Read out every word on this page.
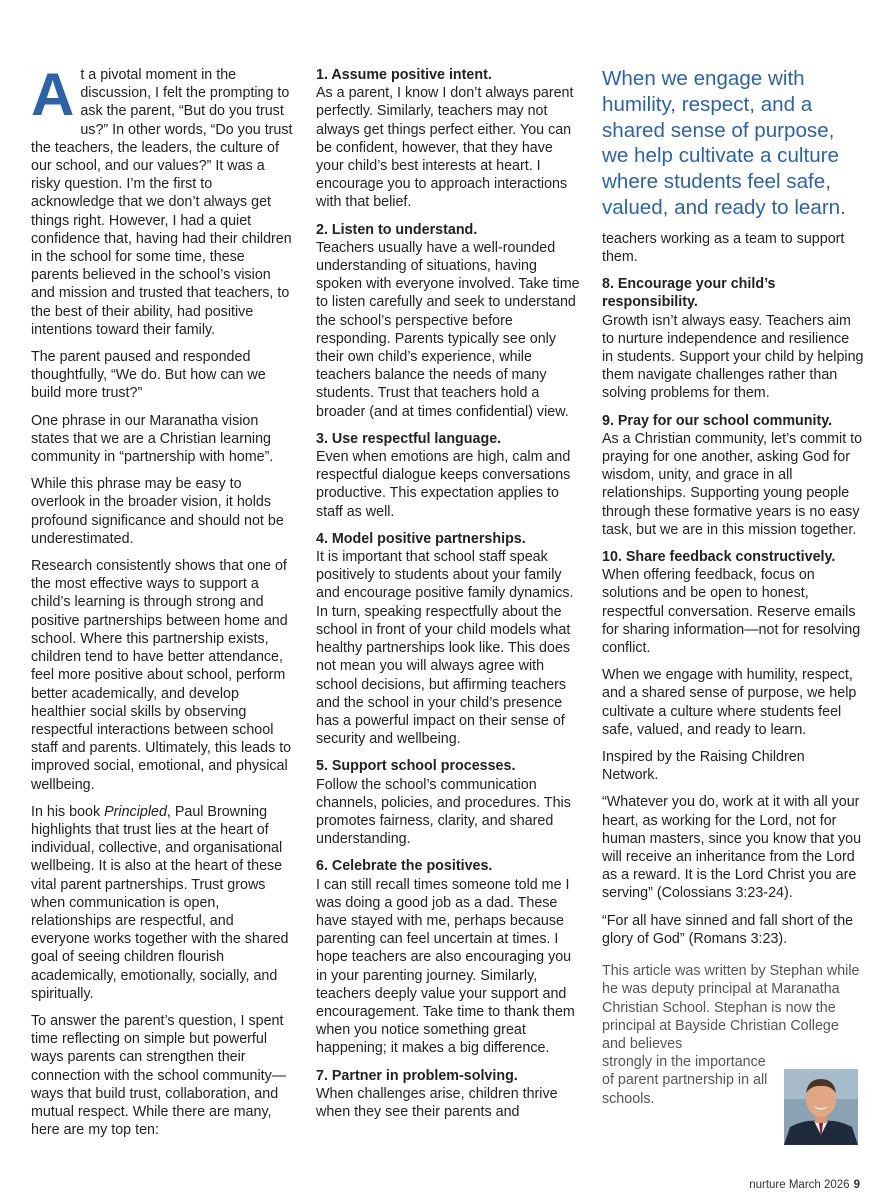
At a pivotal moment in the discussion, I felt the prompting to ask the parent, “But do you trust us?” In other words, “Do you trust the teachers, the leaders, the culture of our school, and our values?” It was a risky question. I’m the first to acknowledge that we don’t always get things right. However, I had a quiet confidence that, having had their children in the school for some time, these parents believed in the school’s vision and mission and trusted that teachers, to the best of their ability, had positive intentions toward their family.

The parent paused and responded thoughtfully, “We do. But how can we build more trust?”

One phrase in our Maranatha vision states that we are a Christian learning community in “partnership with home”.

While this phrase may be easy to overlook in the broader vision, it holds profound significance and should not be underestimated.

Research consistently shows that one of the most effective ways to support a child’s learning is through strong and positive partnerships between home and school. Where this partnership exists, children tend to have better attendance, feel more positive about school, perform better academically, and develop healthier social skills by observing respectful interactions between school staff and parents. Ultimately, this leads to improved social, emotional, and physical wellbeing.

In his book Principled, Paul Browning highlights that trust lies at the heart of individual, collective, and organisational wellbeing. It is also at the heart of these vital parent partnerships. Trust grows when communication is open, relationships are respectful, and everyone works together with the shared goal of seeing children flourish academically, emotionally, socially, and spiritually.

To answer the parent’s question, I spent time reflecting on simple but powerful ways parents can strengthen their connection with the school community—ways that build trust, collaboration, and mutual respect. While there are many, here are my top ten:

1. Assume positive intent.
As a parent, I know I don’t always parent perfectly. Similarly, teachers may not always get things perfect either. You can be confident, however, that they have your child’s best interests at heart. I encourage you to approach interactions with that belief.
2. Listen to understand.
Teachers usually have a well-rounded understanding of situations, having spoken with everyone involved. Take time to listen carefully and seek to understand the school’s perspective before responding. Parents typically see only their own child’s experience, while teachers balance the needs of many students. Trust that teachers hold a broader (and at times confidential) view.
3. Use respectful language.
Even when emotions are high, calm and respectful dialogue keeps conversations productive. This expectation applies to staff as well.
4. Model positive partnerships.
It is important that school staff speak positively to students about your family and encourage positive family dynamics. In turn, speaking respectfully about the school in front of your child models what healthy partnerships look like. This does not mean you will always agree with school decisions, but affirming teachers and the school in your child’s presence has a powerful impact on their sense of security and wellbeing.
5. Support school processes.
Follow the school’s communication channels, policies, and procedures. This promotes fairness, clarity, and shared understanding.
6. Celebrate the positives.
I can still recall times someone told me I was doing a good job as a dad. These have stayed with me, perhaps because parenting can feel uncertain at times. I hope teachers are also encouraging you in your parenting journey. Similarly, teachers deeply value your support and encouragement. Take time to thank them when you notice something great happening; it makes a big difference.
7. Partner in problem-solving.
When challenges arise, children thrive when they see their parents and

When we engage with humility, respect, and a shared sense of purpose, we help cultivate a culture where students feel safe, valued, and ready to learn.

teachers working as a team to support them.

8. Encourage your child’s responsibility.
Growth isn’t always easy. Teachers aim to nurture independence and resilience in students. Support your child by helping them navigate challenges rather than solving problems for them.
9. Pray for our school community.
As a Christian community, let’s commit to praying for one another, asking God for wisdom, unity, and grace in all relationships. Supporting young people through these formative years is no easy task, but we are in this mission together.
10. Share feedback constructively.
When offering feedback, focus on solutions and be open to honest, respectful conversation. Reserve emails for sharing information—not for resolving conflict.

When we engage with humility, respect, and a shared sense of purpose, we help cultivate a culture where students feel safe, valued, and ready to learn.

Inspired by the Raising Children Network.

“Whatever you do, work at it with all your heart, as working for the Lord, not for human masters, since you know that you will receive an inheritance from the Lord as a reward. It is the Lord Christ you are serving” (Colossians 3:23-24).

“For all have sinned and fall short of the glory of God” (Romans 3:23).

This article was written by Stephan while he was deputy principal at Maranatha Christian School. Stephan is now the principal at Bayside Christian College and believes
strongly in the importance of parent partnership in all schools.

nurture March 2026 9
